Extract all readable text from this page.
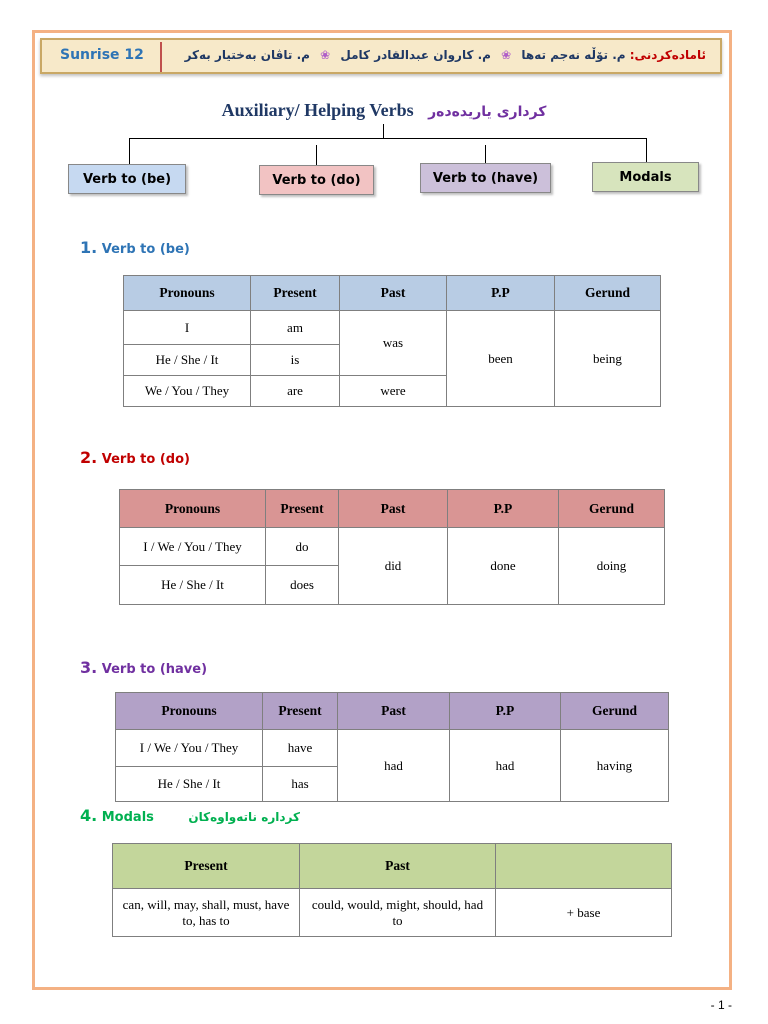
Sunrise 12	ئامادەکردنی: م. تۆڵە نەجم تەها ❀ م. کاروان عبدالقادر کامل ❀ م. تاڤان بەختیار بەکر
Auxiliary/ Helping Verbs کرداری یاریدەدەر
Verb to (be)	Verb to (do)	Verb to (have)	Modals
1. Verb to (be)
Pronouns	Present	Past	P.P	Gerund
I	am	was	been	being
He / She / It	is			
We / You / They	are	were		
2. Verb to (do)
Pronouns	Present	Past	P.P	Gerund
I / We / You / They	do	did	done	doing
He / She / It	does			
3. Verb to (have)
Pronouns	Present	Past	P.P	Gerund
I / We / You / They	have	had	had	having
He / She / It	has			
4. Modals	کردارە ناتەواوەکان
Present	Past	
can, will, may, shall, must, have to, has to	could, would, might, should, had to	+ base
- 1 -
